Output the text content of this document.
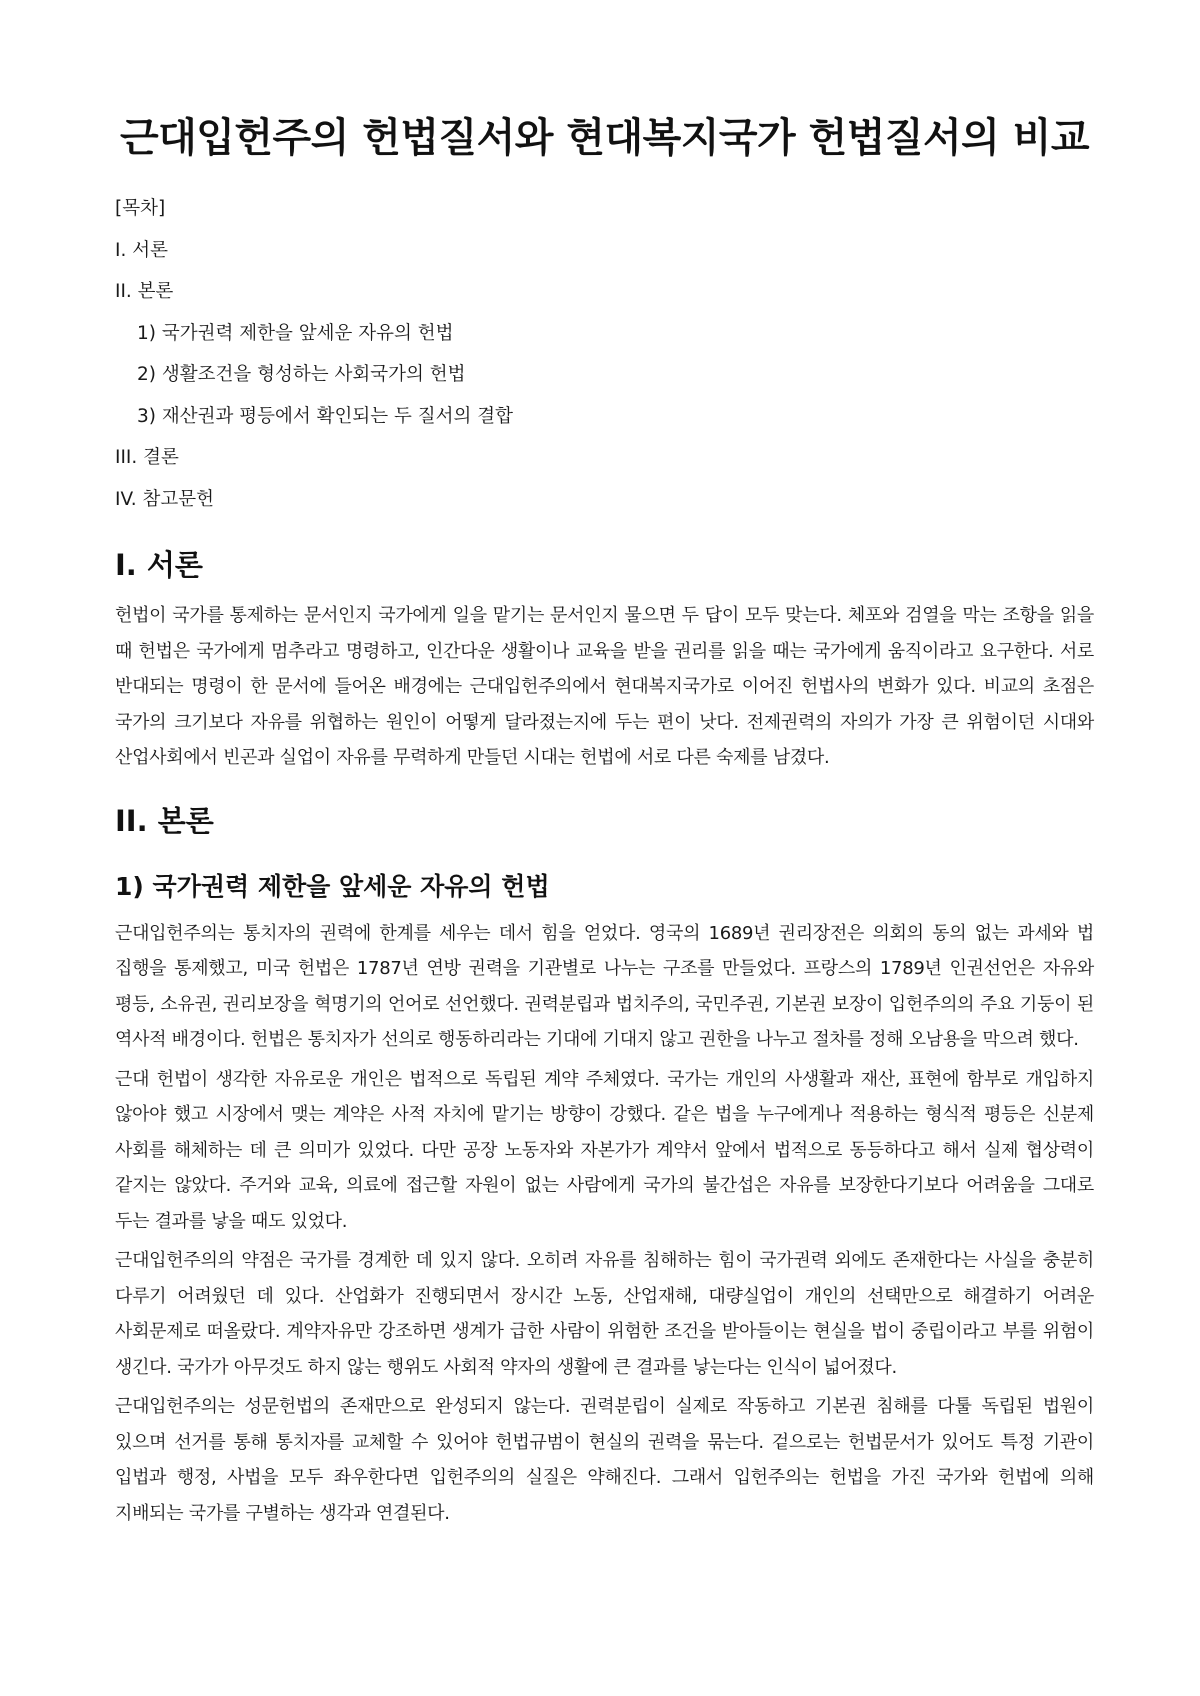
근대입헌주의 헌법질서와 현대복지국가 헌법질서의 비교
[목차]
I. 서론
II. 본론
1) 국가권력 제한을 앞세운 자유의 헌법
2) 생활조건을 형성하는 사회국가의 헌법
3) 재산권과 평등에서 확인되는 두 질서의 결합
III. 결론
IV. 참고문헌
I. 서론

헌법이 국가를 통제하는 문서인지 국가에게 일을 맡기는 문서인지 물으면 두 답이 모두 맞는다. 체포와 검열을 막는 조항을 읽을 때 헌법은 국가에게 멈추라고 명령하고, 인간다운 생활이나 교육을 받을 권리를 읽을 때는 국가에게 움직이라고 요구한다. 서로 반대되는 명령이 한 문서에 들어온 배경에는 근대입헌주의에서 현대복지국가로 이어진 헌법사의 변화가 있다. 비교의 초점은 국가의 크기보다 자유를 위협하는 원인이 어떻게 달라졌는지에 두는 편이 낫다. 전제권력의 자의가 가장 큰 위험이던 시대와 산업사회에서 빈곤과 실업이 자유를 무력하게 만들던 시대는 헌법에 서로 다른 숙제를 남겼다.

II. 본론
1) 국가권력 제한을 앞세운 자유의 헌법

근대입헌주의는 통치자의 권력에 한계를 세우는 데서 힘을 얻었다. 영국의 1689년 권리장전은 의회의 동의 없는 과세와 법 집행을 통제했고, 미국 헌법은 1787년 연방 권력을 기관별로 나누는 구조를 만들었다. 프랑스의 1789년 인권선언은 자유와 평등, 소유권, 권리보장을 혁명기의 언어로 선언했다. 권력분립과 법치주의, 국민주권, 기본권 보장이 입헌주의의 주요 기둥이 된 역사적 배경이다. 헌법은 통치자가 선의로 행동하리라는 기대에 기대지 않고 권한을 나누고 절차를 정해 오남용을 막으려 했다.

근대 헌법이 생각한 자유로운 개인은 법적으로 독립된 계약 주체였다. 국가는 개인의 사생활과 재산, 표현에 함부로 개입하지 않아야 했고 시장에서 맺는 계약은 사적 자치에 맡기는 방향이 강했다. 같은 법을 누구에게나 적용하는 형식적 평등은 신분제 사회를 해체하는 데 큰 의미가 있었다. 다만 공장 노동자와 자본가가 계약서 앞에서 법적으로 동등하다고 해서 실제 협상력이 같지는 않았다. 주거와 교육, 의료에 접근할 자원이 없는 사람에게 국가의 불간섭은 자유를 보장한다기보다 어려움을 그대로 두는 결과를 낳을 때도 있었다.

근대입헌주의의 약점은 국가를 경계한 데 있지 않다. 오히려 자유를 침해하는 힘이 국가권력 외에도 존재한다는 사실을 충분히 다루기 어려웠던 데 있다. 산업화가 진행되면서 장시간 노동, 산업재해, 대량실업이 개인의 선택만으로 해결하기 어려운 사회문제로 떠올랐다. 계약자유만 강조하면 생계가 급한 사람이 위험한 조건을 받아들이는 현실을 법이 중립이라고 부를 위험이 생긴다. 국가가 아무것도 하지 않는 행위도 사회적 약자의 생활에 큰 결과를 낳는다는 인식이 넓어졌다.

근대입헌주의는 성문헌법의 존재만으로 완성되지 않는다. 권력분립이 실제로 작동하고 기본권 침해를 다툴 독립된 법원이 있으며 선거를 통해 통치자를 교체할 수 있어야 헌법규범이 현실의 권력을 묶는다. 겉으로는 헌법문서가 있어도 특정 기관이 입법과 행정, 사법을 모두 좌우한다면 입헌주의의 실질은 약해진다. 그래서 입헌주의는 헌법을 가진 국가와 헌법에 의해 지배되는 국가를 구별하는 생각과 연결된다.
